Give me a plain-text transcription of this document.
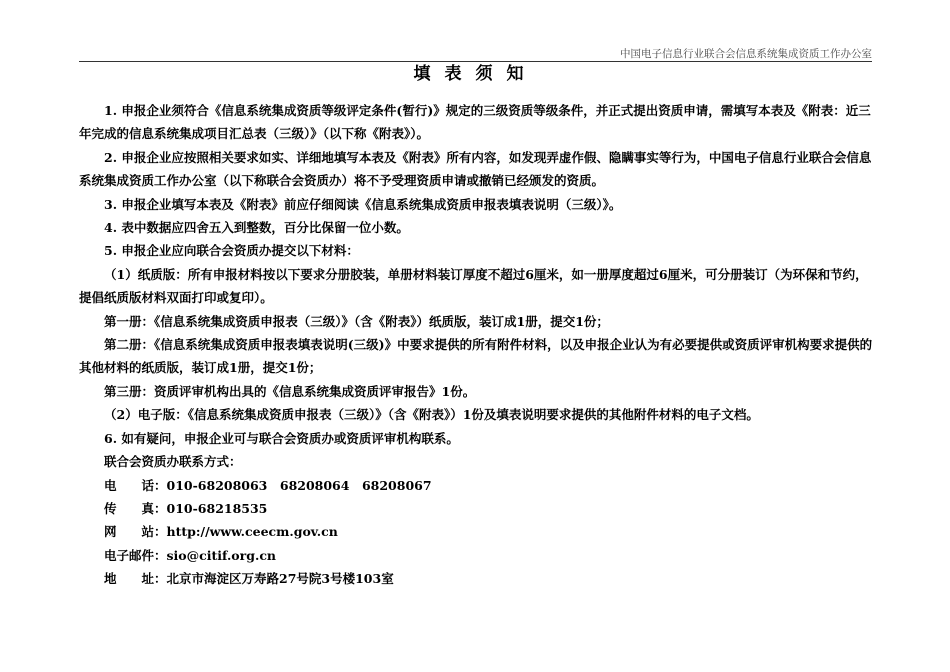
中国电子信息行业联合会信息系统集成资质工作办公室
填表须知

1. 申报企业须符合《信息系统集成资质等级评定条件(暂行)》规定的三级资质等级条件，并正式提出资质申请，需填写本表及《附表：近三年完成的信息系统集成项目汇总表（三级）》（以下称《附表》）。

2. 申报企业应按照相关要求如实、详细地填写本表及《附表》所有内容，如发现弄虚作假、隐瞒事实等行为，中国电子信息行业联合会信息系统集成资质工作办公室（以下称联合会资质办）将不予受理资质申请或撤销已经颁发的资质。

3. 申报企业填写本表及《附表》前应仔细阅读《信息系统集成资质申报表填表说明（三级）》。

4. 表中数据应四舍五入到整数，百分比保留一位小数。

5. 申报企业应向联合会资质办提交以下材料：

（1）纸质版：所有申报材料按以下要求分册胶装，单册材料装订厚度不超过6厘米，如一册厚度超过6厘米，可分册装订（为环保和节约，提倡纸质版材料双面打印或复印）。

第一册：《信息系统集成资质申报表（三级）》（含《附表》）纸质版，装订成1册，提交1份；

第二册：《信息系统集成资质申报表填表说明(三级)》中要求提供的所有附件材料，以及申报企业认为有必要提供或资质评审机构要求提供的其他材料的纸质版，装订成1册，提交1份；

第三册：资质评审机构出具的《信息系统集成资质评审报告》1份。

（2）电子版：《信息系统集成资质申报表（三级）》（含《附表》）1份及填表说明要求提供的其他附件材料的电子文档。

6. 如有疑问，申报企业可与联合会资质办或资质评审机构联系。

联合会资质办联系方式：

电　　话：010-68208063　68208064　68208067

传　　真：010-68218535

网　　站：http://www.ceecm.gov.cn

电子邮件：sio@citif.org.cn

地　　址：北京市海淀区万寿路27号院3号楼103室
